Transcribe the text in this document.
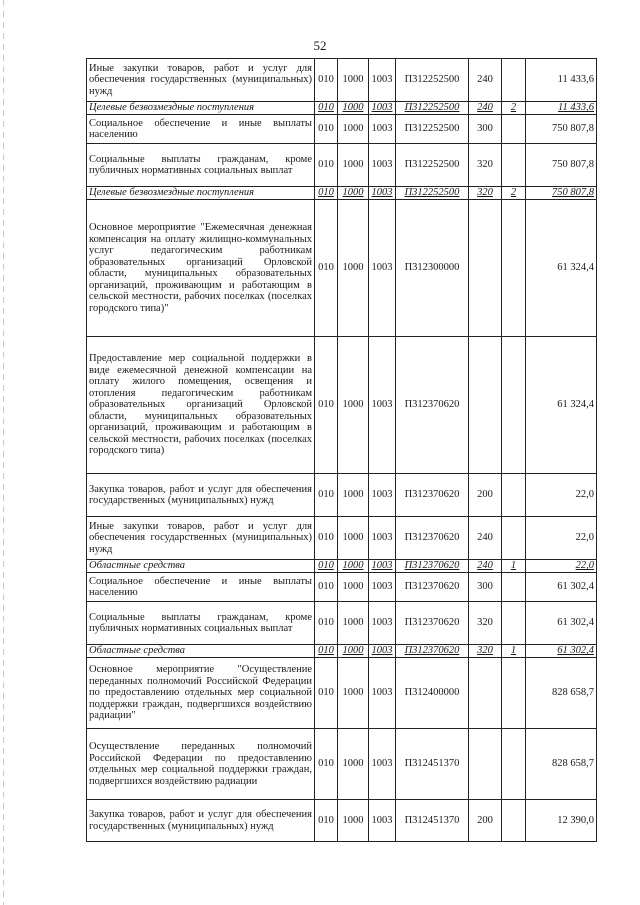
52
Иные закупки товаров, работ и услуг для обеспечения государственных (муниципальных) нужд	010	1000	1003	П312252500	240		11 433,6
Целевые безвозмездные поступления	010	1000	1003	П312252500	240	2	11 433,6
Социальное обеспечение и иные выплаты населению	010	1000	1003	П312252500	300		750 807,8
Социальные выплаты гражданам, кроме публичных нормативных социальных выплат	010	1000	1003	П312252500	320		750 807,8
Целевые безвозмездные поступления	010	1000	1003	П312252500	320	2	750 807,8
Основное мероприятие "Ежемесячная денежная компенсация на оплату жилищно-коммунальных услуг педагогическим работникам образовательных организаций Орловской области, муниципальных образовательных организаций, проживающим и работающим в сельской местности, рабочих поселках (поселках городского типа)"	010	1000	1003	П312300000			61 324,4
Предоставление мер социальной поддержки в виде ежемесячной денежной компенсации на оплату жилого помещения, освещения и отопления педагогическим работникам образовательных организаций Орловской области, муниципальных образовательных организаций, проживающим и работающим в сельской местности, рабочих поселках (поселках городского типа)	010	1000	1003	П312370620			61 324,4
Закупка товаров, работ и услуг для обеспечения государственных (муниципальных) нужд	010	1000	1003	П312370620	200		22,0
Иные закупки товаров, работ и услуг для обеспечения государственных (муниципальных) нужд	010	1000	1003	П312370620	240		22,0
Областные средства	010	1000	1003	П312370620	240	1	22,0
Социальное обеспечение и иные выплаты населению	010	1000	1003	П312370620	300		61 302,4
Социальные выплаты гражданам, кроме публичных нормативных социальных выплат	010	1000	1003	П312370620	320		61 302,4
Областные средства	010	1000	1003	П312370620	320	1	61 302,4
Основное мероприятие "Осуществление переданных полномочий Российской Федерации по предоставлению отдельных мер социальной поддержки граждан, подвергшихся воздействию радиации"	010	1000	1003	П312400000			828 658,7
Осуществление переданных полномочий Российской Федерации по предоставлению отдельных мер социальной поддержки граждан, подвергшихся воздействию радиации	010	1000	1003	П312451370			828 658,7
Закупка товаров, работ и услуг для обеспечения государственных (муниципальных) нужд	010	1000	1003	П312451370	200		12 390,0
